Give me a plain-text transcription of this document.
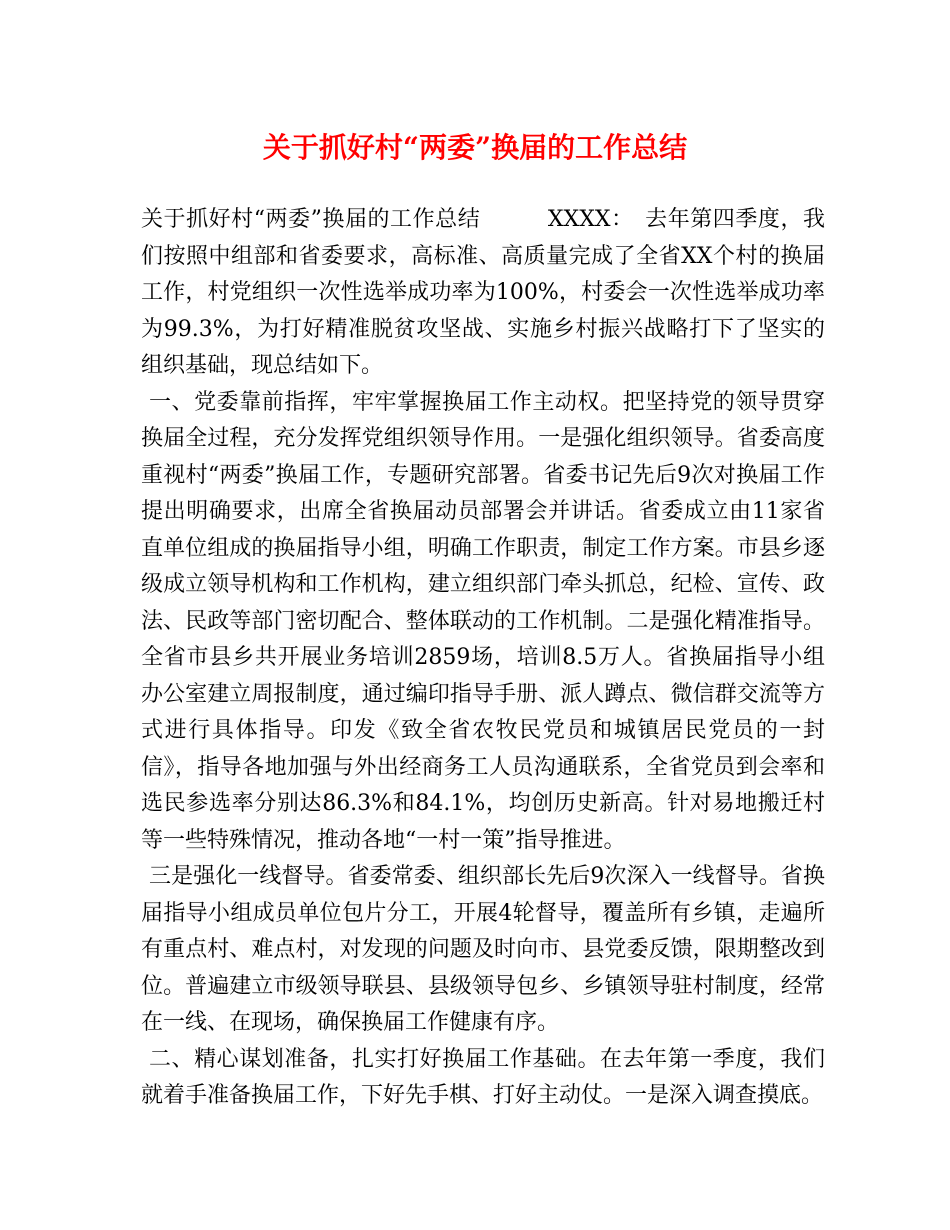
关于抓好村“两委”换届的工作总结

关于抓好村“两委”换届的工作总结　　　XXXX：　去年第四季度，我们按照中组部和省委要求，高标准、高质量完成了全省XX个村的换届工作，村党组织一次性选举成功率为100%，村委会一次性选举成功率为99.3%，为打好精准脱贫攻坚战、实施乡村振兴战略打下了坚实的组织基础，现总结如下。

一、党委靠前指挥，牢牢掌握换届工作主动权。把坚持党的领导贯穿换届全过程，充分发挥党组织领导作用。一是强化组织领导。省委高度重视村“两委”换届工作，专题研究部署。省委书记先后9次对换届工作提出明确要求，出席全省换届动员部署会并讲话。省委成立由11家省直单位组成的换届指导小组，明确工作职责，制定工作方案。市县乡逐级成立领导机构和工作机构，建立组织部门牵头抓总，纪检、宣传、政法、民政等部门密切配合、整体联动的工作机制。二是强化精准指导。全省市县乡共开展业务培训2859场，培训8.5万人。省换届指导小组办公室建立周报制度，通过编印指导手册、派人蹲点、微信群交流等方式进行具体指导。印发《致全省农牧民党员和城镇居民党员的一封信》，指导各地加强与外出经商务工人员沟通联系，全省党员到会率和选民参选率分别达86.3%和84.1%，均创历史新高。针对易地搬迁村等一些特殊情况，推动各地“一村一策”指导推进。

三是强化一线督导。省委常委、组织部长先后9次深入一线督导。省换届指导小组成员单位包片分工，开展4轮督导，覆盖所有乡镇，走遍所有重点村、难点村，对发现的问题及时向市、县党委反馈，限期整改到位。普遍建立市级领导联县、县级领导包乡、乡镇领导驻村制度，经常在一线、在现场，确保换届工作健康有序。

二、精心谋划准备，扎实打好换届工作基础。在去年第一季度，我们就着手准备换届工作，下好先手棋、打好主动仗。一是深入调查摸底。
